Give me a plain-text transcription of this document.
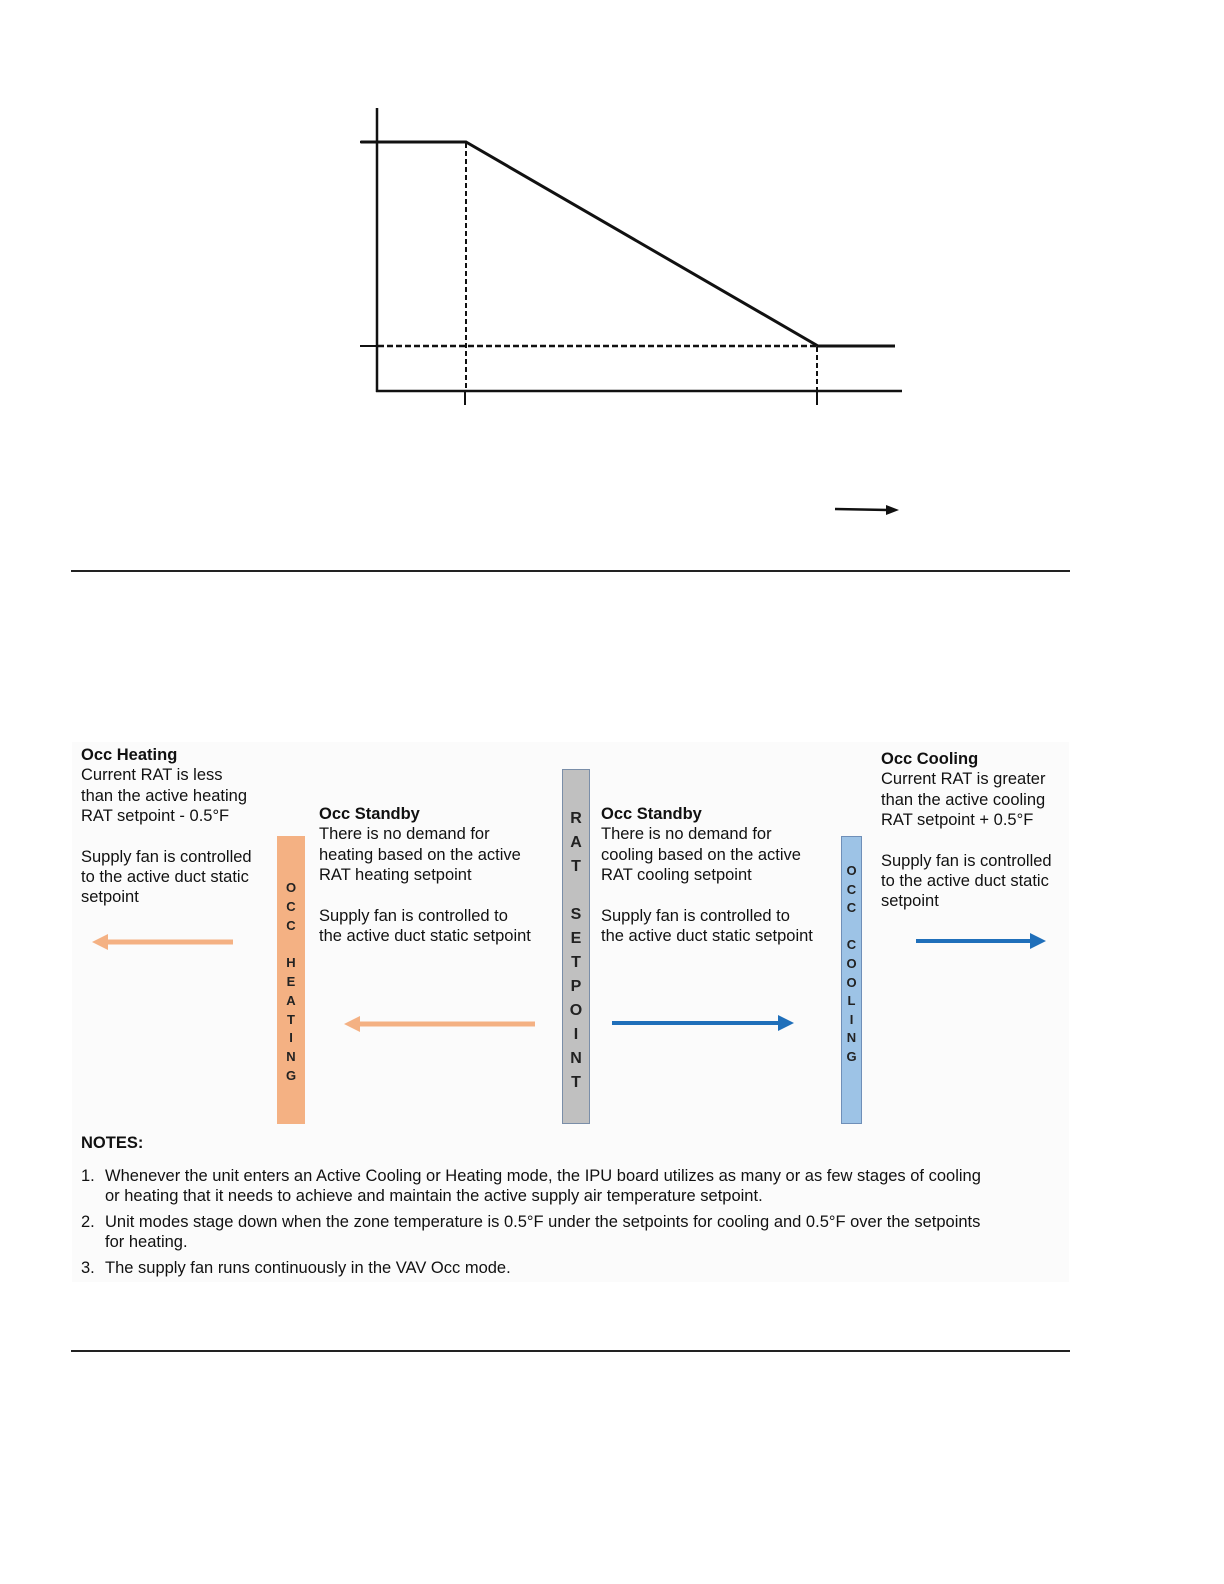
Occ Heating
Current RAT is less
than the active heating
RAT setpoint - 0.5°F
Supply fan is controlled
to the active duct static
setpoint
Occ Standby
There is no demand for
heating based on the active
RAT heating setpoint
Supply fan is controlled to
the active duct static setpoint
Occ Standby
There is no demand for
cooling based on the active
RAT cooling setpoint
Supply fan is controlled to
the active duct static setpoint
Occ Cooling
Current RAT is greater
than the active cooling
RAT setpoint + 0.5°F
Supply fan is controlled
to the active duct static
setpoint
O
C
C
H
E
A
T
I
N
G
R
A
T
S
E
T
P
O
I
N
T
O
C
C
C
O
O
L
I
N
G
NOTES:
1. Whenever the unit enters an Active Cooling or Heating mode, the IPU board utilizes as many or as few stages of cooling
or heating that it needs to achieve and maintain the active supply air temperature setpoint.
2. Unit modes stage down when the zone temperature is 0.5°F under the setpoints for cooling and 0.5°F over the setpoints
for heating.
3. The supply fan runs continuously in the VAV Occ mode.
